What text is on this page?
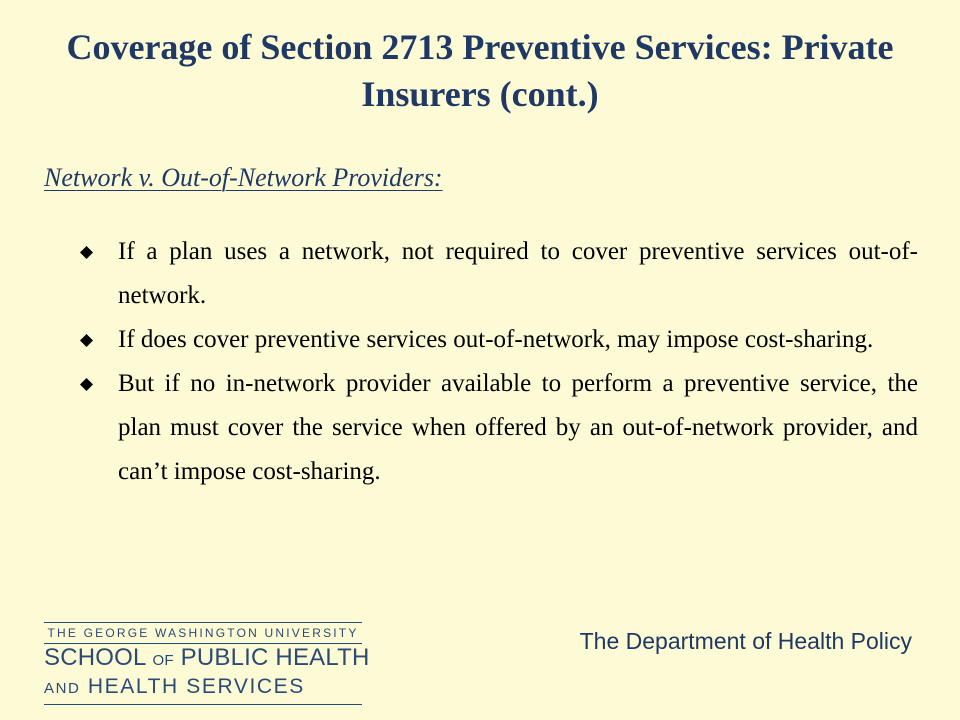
Coverage of Section 2713 Preventive Services: Private Insurers (cont.)
Network v. Out-of-Network Providers:
If a plan uses a network, not required to cover preventive services out-of-network.
If does cover preventive services out-of-network, may impose cost-sharing.
But if no in-network provider available to perform a preventive service, the plan must cover the service when offered by an out-of-network provider, and can’t impose cost-sharing.
THE GEORGE WASHINGTON UNIVERSITY
SCHOOL OF PUBLIC HEALTH
AND HEALTH SERVICES
The Department of Health Policy
